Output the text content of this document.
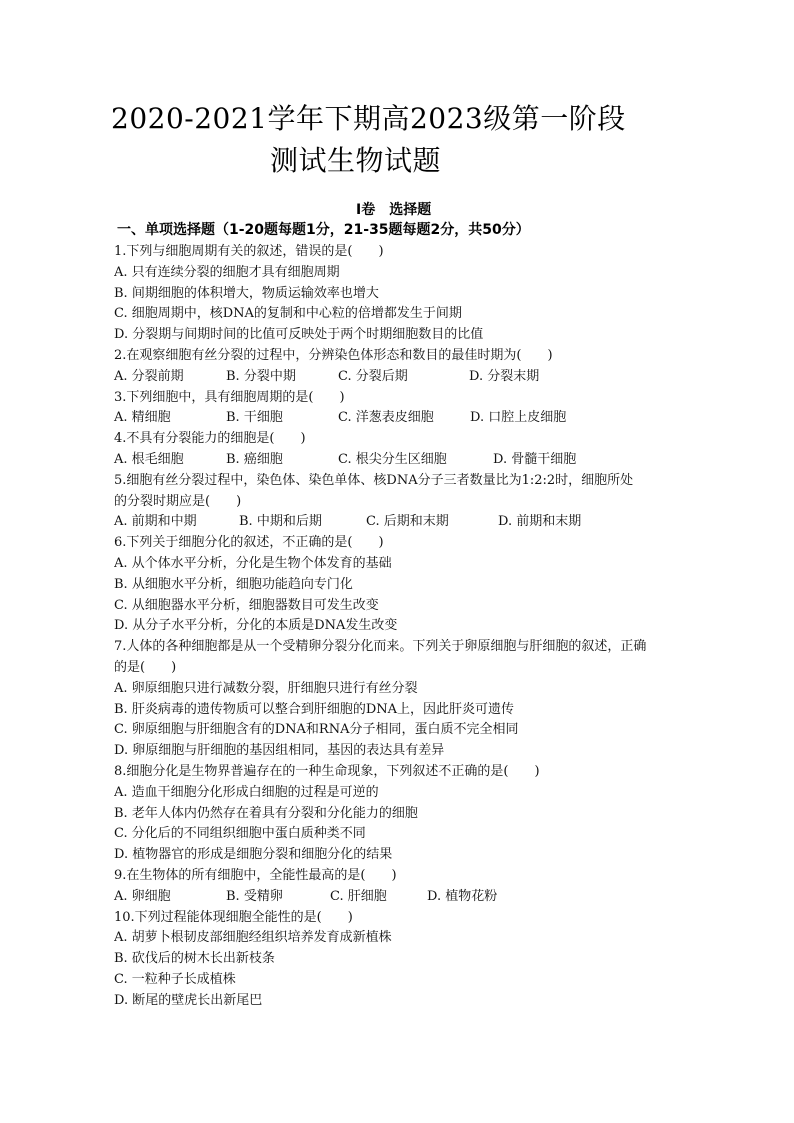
2020-2021学年下期高2023级第一阶段
测试生物试题
Ⅰ卷　选择题
一、单项选择题（1-20题每题1分，21-35题每题2分，共50分）
1.下列与细胞周期有关的叙述，错误的是(　　)
A. 只有连续分裂的细胞才具有细胞周期
B. 间期细胞的体积增大，物质运输效率也增大
C. 细胞周期中，核DNA的复制和中心粒的倍增都发生于间期
D. 分裂期与间期时间的比值可反映处于两个时期细胞数目的比值
2.在观察细胞有丝分裂的过程中，分辨染色体形态和数目的最佳时期为(　　)
A. 分裂前期	B. 分裂中期	C. 分裂后期	D. 分裂末期
3.下列细胞中，具有细胞周期的是(　　)
A. 精细胞	B. 干细胞	C. 洋葱表皮细胞	D. 口腔上皮细胞
4.不具有分裂能力的细胞是(　　)
A. 根毛细胞	B. 癌细胞	C. 根尖分生区细胞	D. 骨髓干细胞
5.细胞有丝分裂过程中，染色体、染色单体、核DNA分子三者数量比为1:2:2时，细胞所处
的分裂时期应是(　　)
A. 前期和中期	B. 中期和后期	C. 后期和末期	D. 前期和末期
6.下列关于细胞分化的叙述，不正确的是(　　)
A. 从个体水平分析，分化是生物个体发育的基础
B. 从细胞水平分析，细胞功能趋向专门化
C. 从细胞器水平分析，细胞器数目可发生改变
D. 从分子水平分析，分化的本质是DNA发生改变
7.人体的各种细胞都是从一个受精卵分裂分化而来。下列关于卵原细胞与肝细胞的叙述，正确
的是(　　)
A. 卵原细胞只进行减数分裂，肝细胞只进行有丝分裂
B. 肝炎病毒的遗传物质可以整合到肝细胞的DNA上，因此肝炎可遗传
C. 卵原细胞与肝细胞含有的DNA和RNA分子相同，蛋白质不完全相同
D. 卵原细胞与肝细胞的基因组相同，基因的表达具有差异
8.细胞分化是生物界普遍存在的一种生命现象，下列叙述不正确的是(　　)
A. 造血干细胞分化形成白细胞的过程是可逆的
B. 老年人体内仍然存在着具有分裂和分化能力的细胞
C. 分化后的不同组织细胞中蛋白质种类不同
D. 植物器官的形成是细胞分裂和细胞分化的结果
9.在生物体的所有细胞中，全能性最高的是(　　)
A. 卵细胞	B. 受精卵	C. 肝细胞	D. 植物花粉
10.下列过程能体现细胞全能性的是(　　)
A. 胡萝卜根韧皮部细胞经组织培养发育成新植株
B. 砍伐后的树木长出新枝条
C. 一粒种子长成植株
D. 断尾的壁虎长出新尾巴
